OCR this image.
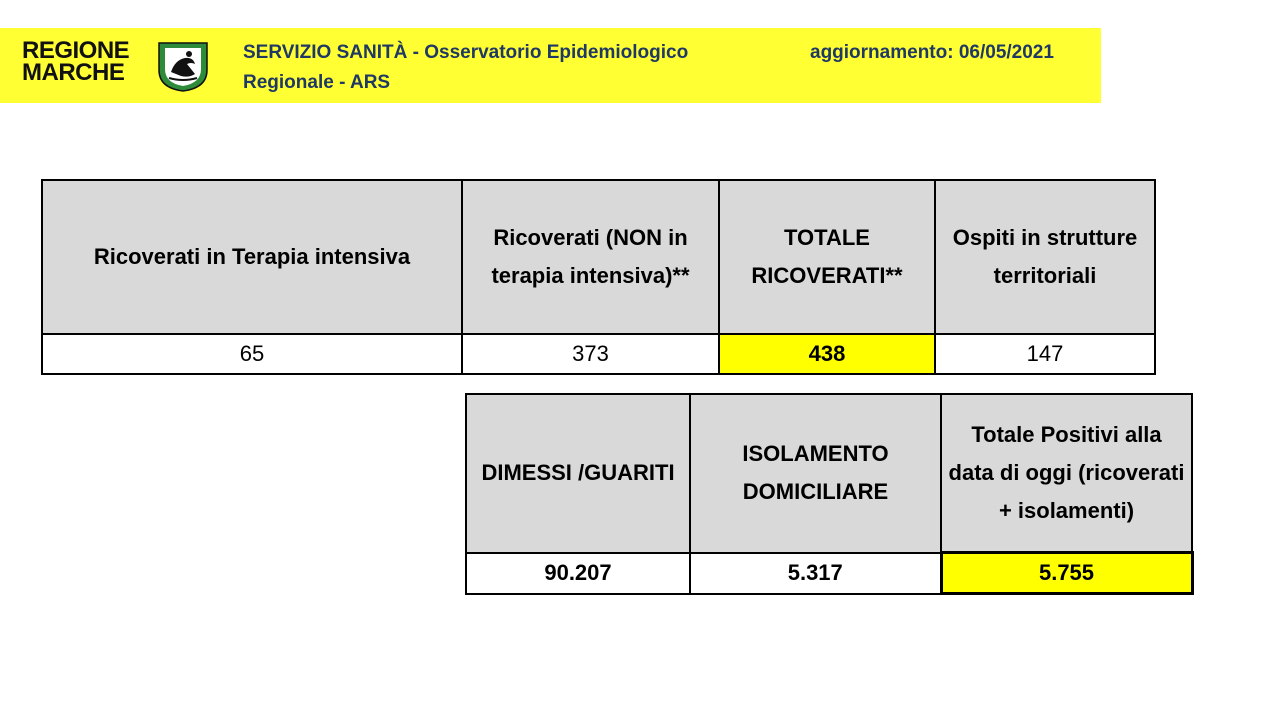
REGIONE
MARCHE
SERVIZIO SANITÀ - Osservatorio Epidemiologico
Regionale - ARS
aggiornamento: 06/05/2021
Ricoverati in Terapia intensiva	Ricoverati (NON in terapia intensiva)**	TOTALE RICOVERATI**	Ospiti in strutture territoriali
65	373	438	147
DIMESSI /GUARITI	ISOLAMENTO DOMICILIARE	Totale Positivi alla data di oggi (ricoverati + isolamenti)
90.207	5.317	5.755
